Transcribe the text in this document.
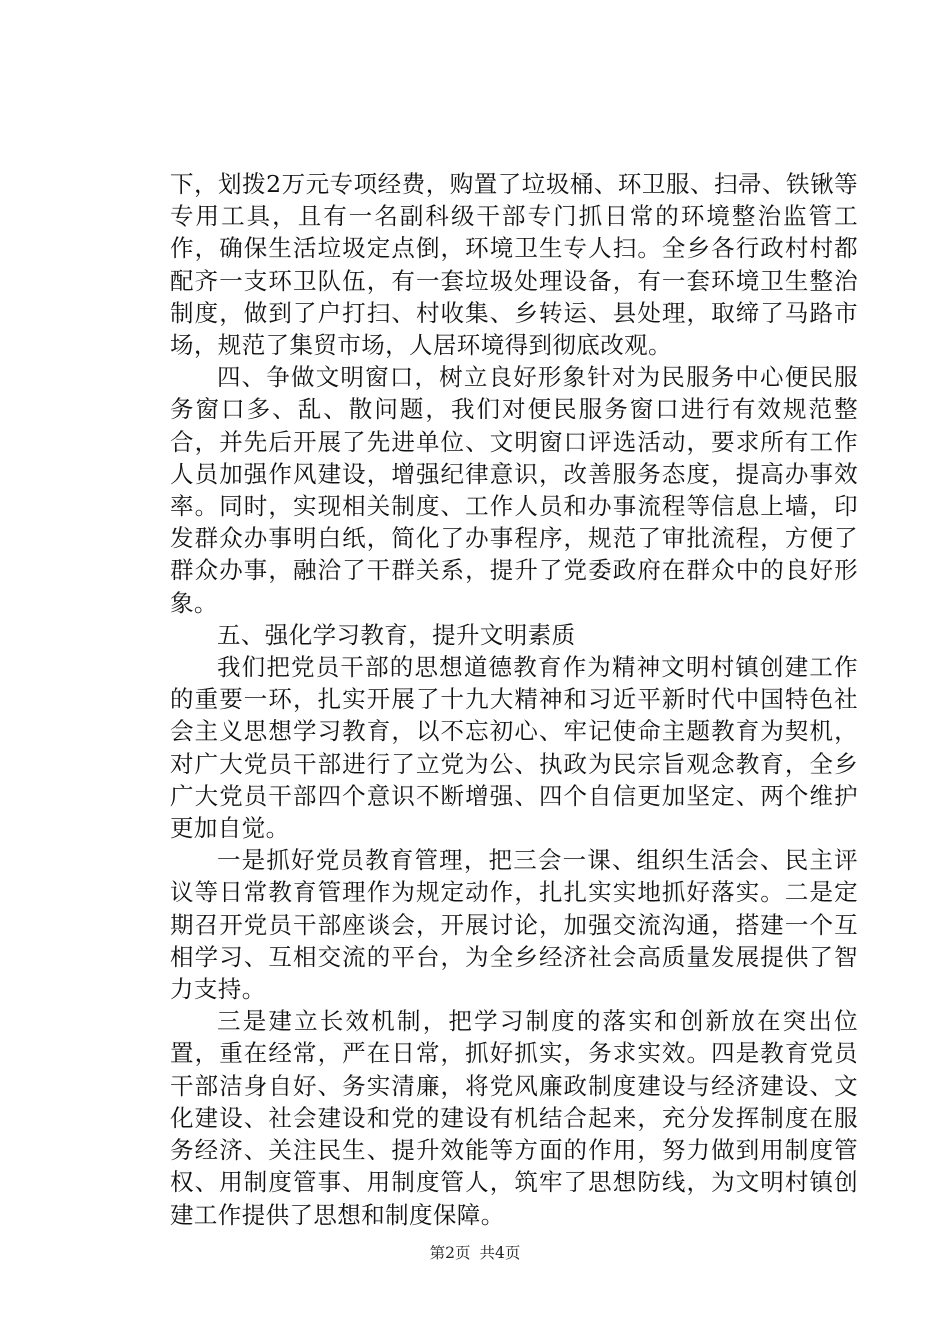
下，划拨2万元专项经费，购置了垃圾桶、环卫服、扫帚、铁锹等专用工具，且有一名副科级干部专门抓日常的环境整治监管工作，确保生活垃圾定点倒，环境卫生专人扫。全乡各行政村村都配齐一支环卫队伍，有一套垃圾处理设备，有一套环境卫生整治制度，做到了户打扫、村收集、乡转运、县处理，取缔了马路市场，规范了集贸市场，人居环境得到彻底改观。

四、争做文明窗口，树立良好形象针对为民服务中心便民服务窗口多、乱、散问题，我们对便民服务窗口进行有效规范整合，并先后开展了先进单位、文明窗口评选活动，要求所有工作人员加强作风建设，增强纪律意识，改善服务态度，提高办事效率。同时，实现相关制度、工作人员和办事流程等信息上墙，印发群众办事明白纸，简化了办事程序，规范了审批流程，方便了群众办事，融洽了干群关系，提升了党委政府在群众中的良好形象。

五、强化学习教育，提升文明素质

我们把党员干部的思想道德教育作为精神文明村镇创建工作的重要一环，扎实开展了十九大精神和习近平新时代中国特色社会主义思想学习教育，以不忘初心、牢记使命主题教育为契机，对广大党员干部进行了立党为公、执政为民宗旨观念教育，全乡广大党员干部四个意识不断增强、四个自信更加坚定、两个维护更加自觉。

一是抓好党员教育管理，把三会一课、组织生活会、民主评议等日常教育管理作为规定动作，扎扎实实地抓好落实。二是定期召开党员干部座谈会，开展讨论，加强交流沟通，搭建一个互相学习、互相交流的平台，为全乡经济社会高质量发展提供了智力支持。

三是建立长效机制，把学习制度的落实和创新放在突出位置，重在经常，严在日常，抓好抓实，务求实效。四是教育党员干部洁身自好、务实清廉，将党风廉政制度建设与经济建设、文化建设、社会建设和党的建设有机结合起来，充分发挥制度在服务经济、关注民生、提升效能等方面的作用，努力做到用制度管权、用制度管事、用制度管人，筑牢了思想防线，为文明村镇创建工作提供了思想和制度保障。

第2页 共4页
